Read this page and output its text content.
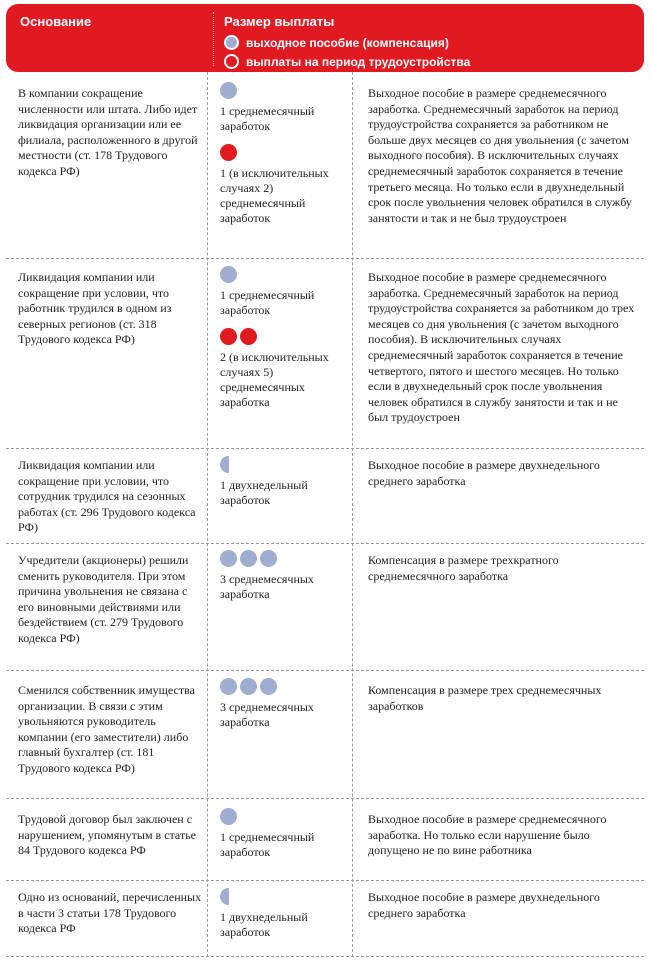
Основание	Размер выплаты
выходное пособие (компенсация)
выплаты на период трудоустройства
В компании сокращение численности или штата. Либо идет ликвидация организации или ее филиала, расположенного в другой местности (ст. 178 Трудового кодекса РФ)
1 среднемесячный заработок
1 (в исключительных случаях 2) среднемесячный заработок
Выходное пособие в размере среднемесячного заработка. Среднемесячный заработок на период трудоустройства сохраняется за работником не больше двух месяцев со дня увольнения (с зачетом выходного пособия). В исключительных случаях среднемесячный заработок сохраняется в течение третьего месяца. Но только если в двухнедельный срок после увольнения человек обратился в службу занятости и так и не был трудоустроен
Ликвидация компании или сокращение при условии, что работник трудился в одном из северных регионов (ст. 318 Трудового кодекса РФ)
1 среднемесячный заработок
2 (в исключительных случаях 5) среднемесячных заработка
Выходное пособие в размере среднемесячного заработка. Среднемесячный заработок на период трудоустройства сохраняется за работником до трех месяцев со дня увольнения (с зачетом выходного пособия). В исключительных случаях среднемесячный заработок сохраняется в течение четвертого, пятого и шестого месяцев. Но только если в двухнедельный срок после увольнения человек обратился в службу занятости и так и не был трудоустроен
Ликвидация компании или сокращение при условии, что сотрудник трудился на сезонных работах (ст. 296 Трудового кодекса РФ)
1 двухнедельный заработок
Выходное пособие в размере двухнедельного среднего заработка
Учредители (акционеры) решили сменить руководителя. При этом причина увольнения не связана с его виновными действиями или бездействием (ст. 279 Трудового кодекса РФ)
3 среднемесячных заработка
Компенсация в размере трехкратного среднемесячного заработка
Сменился собственник имущества организации. В связи с этим увольняются руководитель компании (его заместители) либо главный бухгалтер (ст. 181 Трудового кодекса РФ)
3 среднемесячных заработка
Компенсация в размере трех среднемесячных заработков
Трудовой договор был заключен с нарушением, упомянутым в статье 84 Трудового кодекса РФ
1 среднемесячный заработок
Выходное пособие в размере среднемесячного заработка. Но только если нарушение было допущено не по вине работника
Одно из оснований, перечисленных в части 3 статьи 178 Трудового кодекса РФ
1 двухнедельный заработок
Выходное пособие в размере двухнедельного среднего заработка
